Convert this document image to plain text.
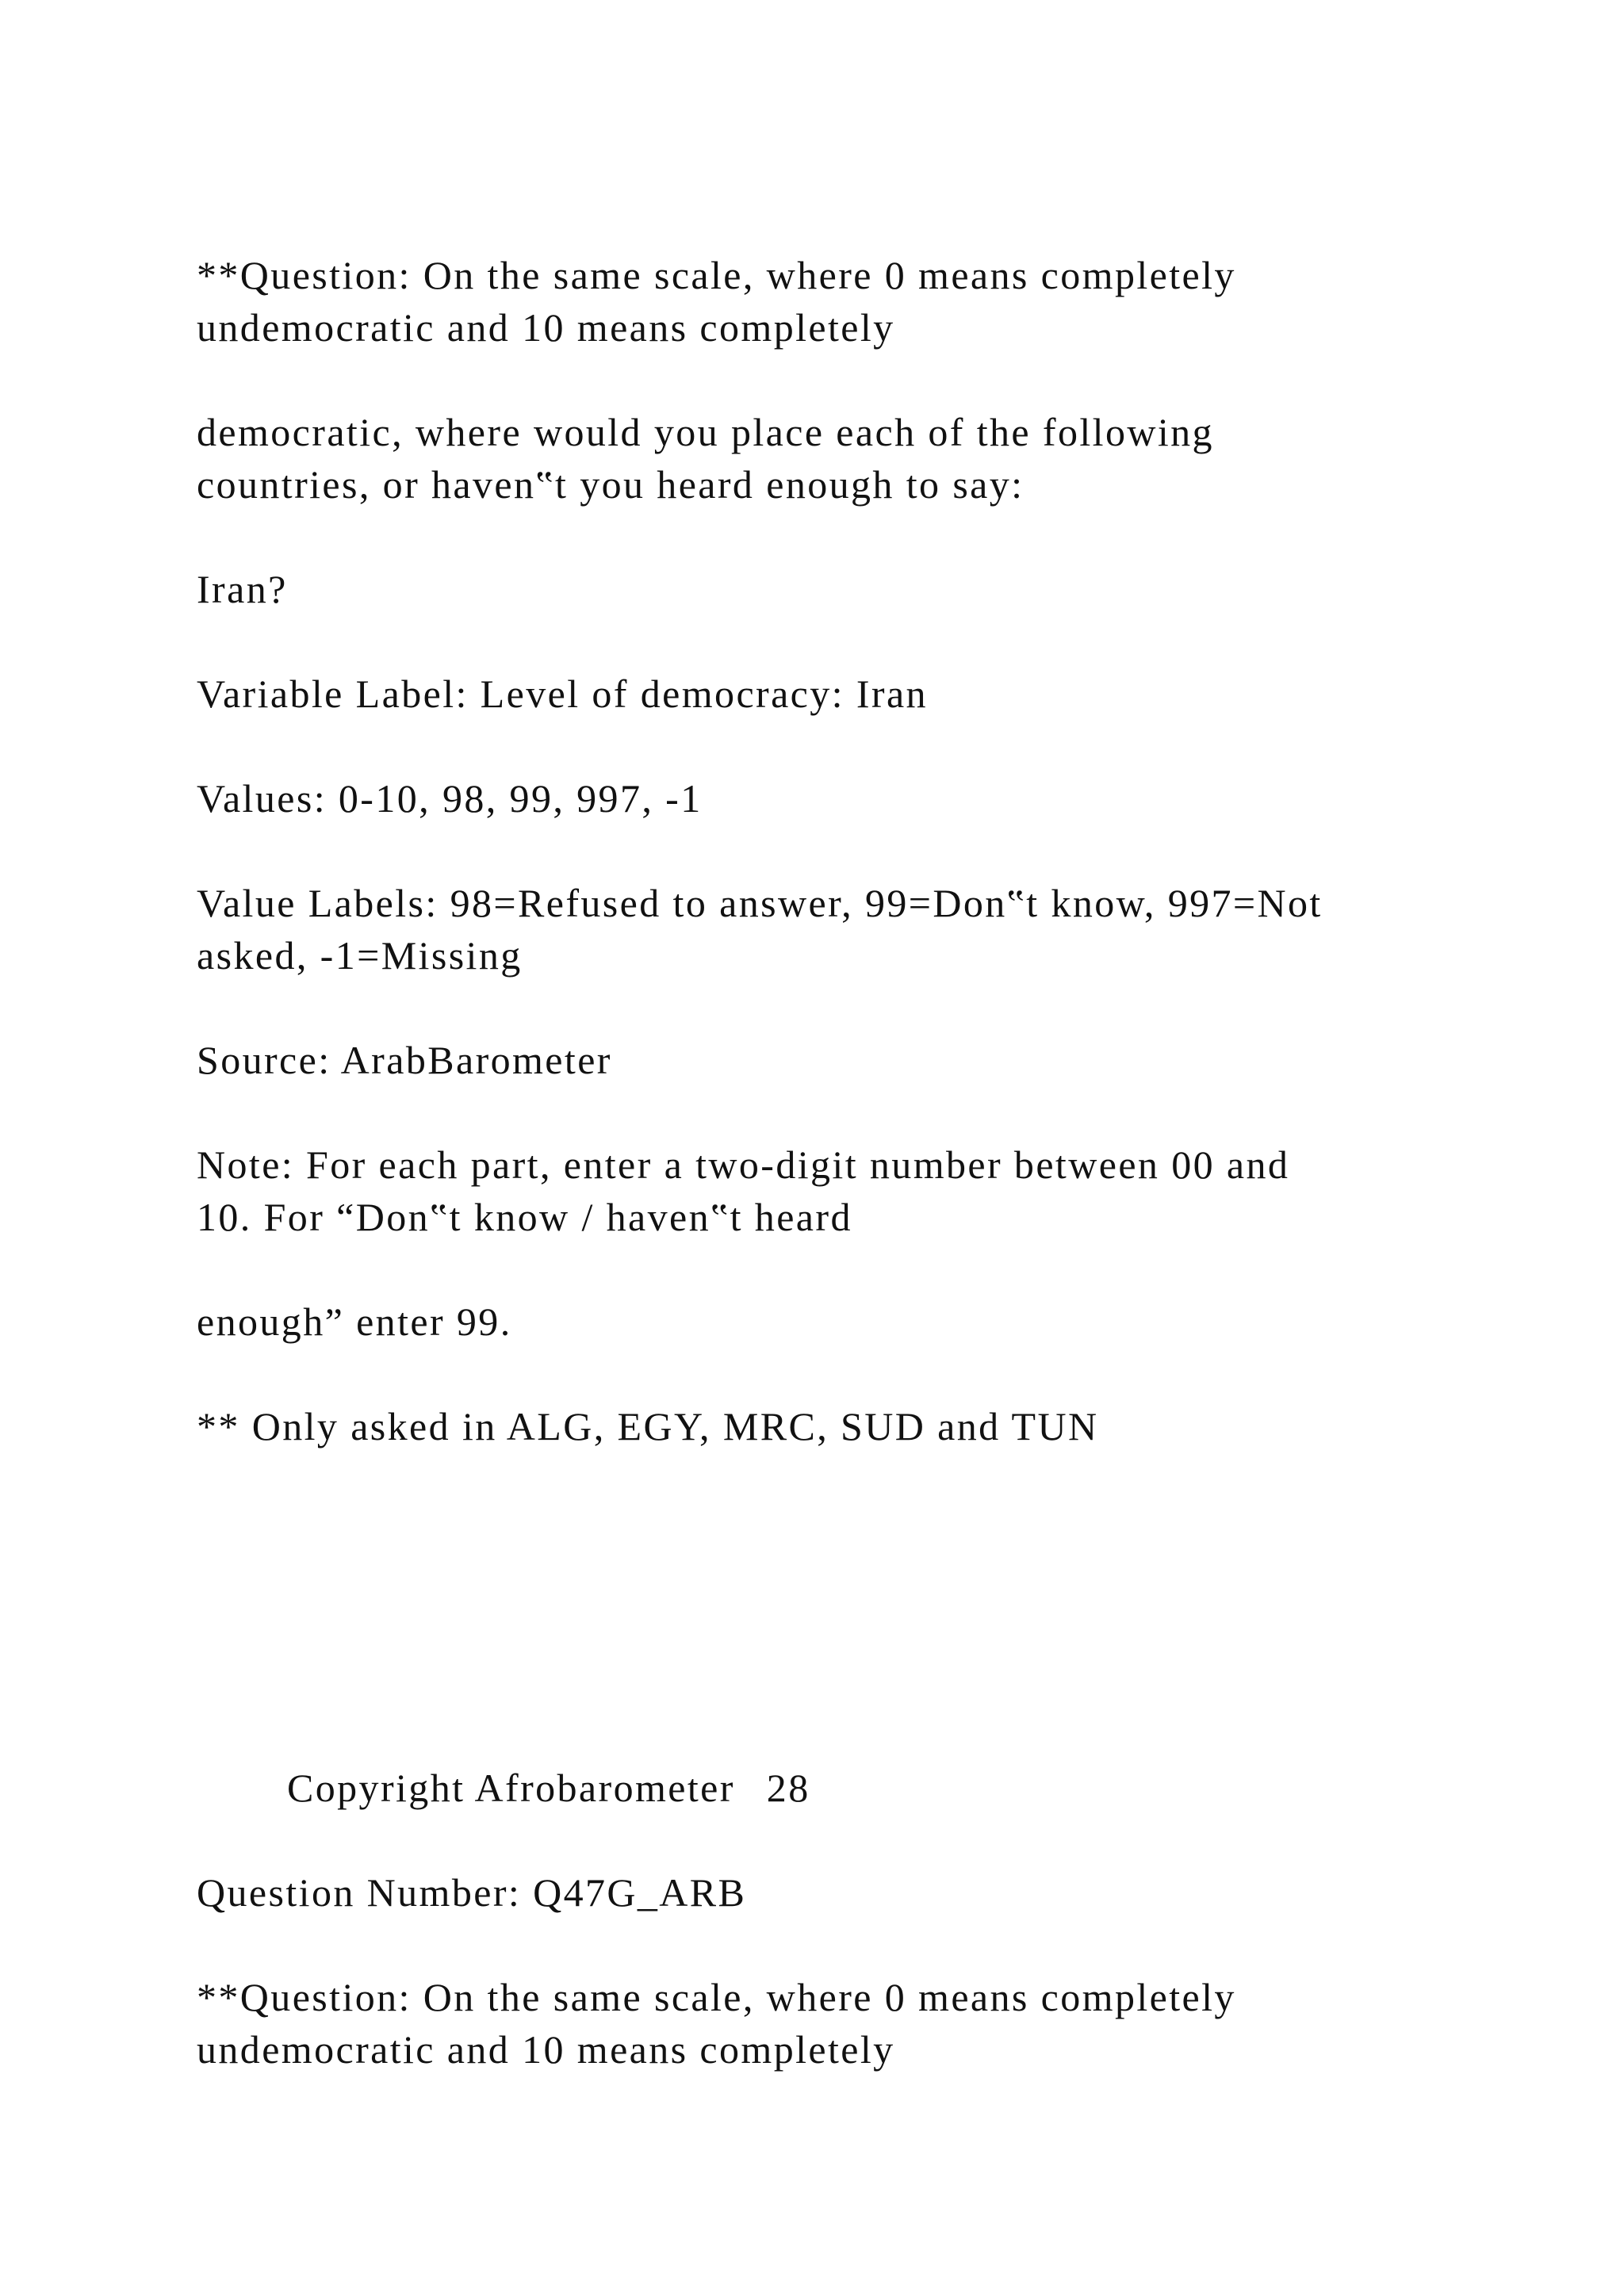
**Question: On the same scale, where 0 means completely
undemocratic and 10 means completely
democratic, where would you place each of the following
countries, or haven‟t you heard enough to say:
Iran?
Variable Label: Level of democracy: Iran
Values: 0-10, 98, 99, 997, -1
Value Labels: 98=Refused to answer, 99=Don‟t know, 997=Not
asked, -1=Missing
Source: ArabBarometer
Note: For each part, enter a two-digit number between 00 and
10. For “Don‟t know / haven‟t heard
enough” enter 99.
** Only asked in ALG, EGY, MRC, SUD and TUN
Copyright Afrobarometer 28
Question Number: Q47G_ARB
**Question: On the same scale, where 0 means completely
undemocratic and 10 means completely
